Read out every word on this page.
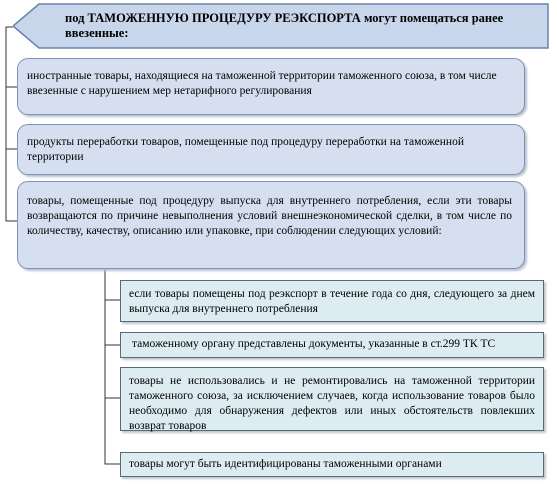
под ТАМОЖЕННУЮ ПРОЦЕДУРУ РЕЭКСПОРТА могут помещаться ранее ввезенные:
иностранные товары, находящиеся на таможенной территории таможенного союза, в том числе ввезенные с нарушением мер нетарифного регулирования
продукты переработки товаров, помещенные под процедуру переработки на таможенной территории
товары, помещенные под процедуру выпуска для внутреннего потребления, если эти товары возвращаются по причине невыполнения условий внешнеэкономической сделки, в том числе по количеству, качеству, описанию или упаковке, при соблюдении следующих условий:
если товары помещены под реэкспорт в течение года со дня, следующего за днем выпуска для внутреннего потребления
таможенному органу представлены документы, указанные в ст.299 ТК ТС
товары не использовались и не ремонтировались на таможенной территории таможенного союза, за исключением случаев, когда использование товаров было необходимо для обнаружения дефектов или иных обстоятельств повлекших возврат товаров
товары могут быть идентифицированы таможенными органами
